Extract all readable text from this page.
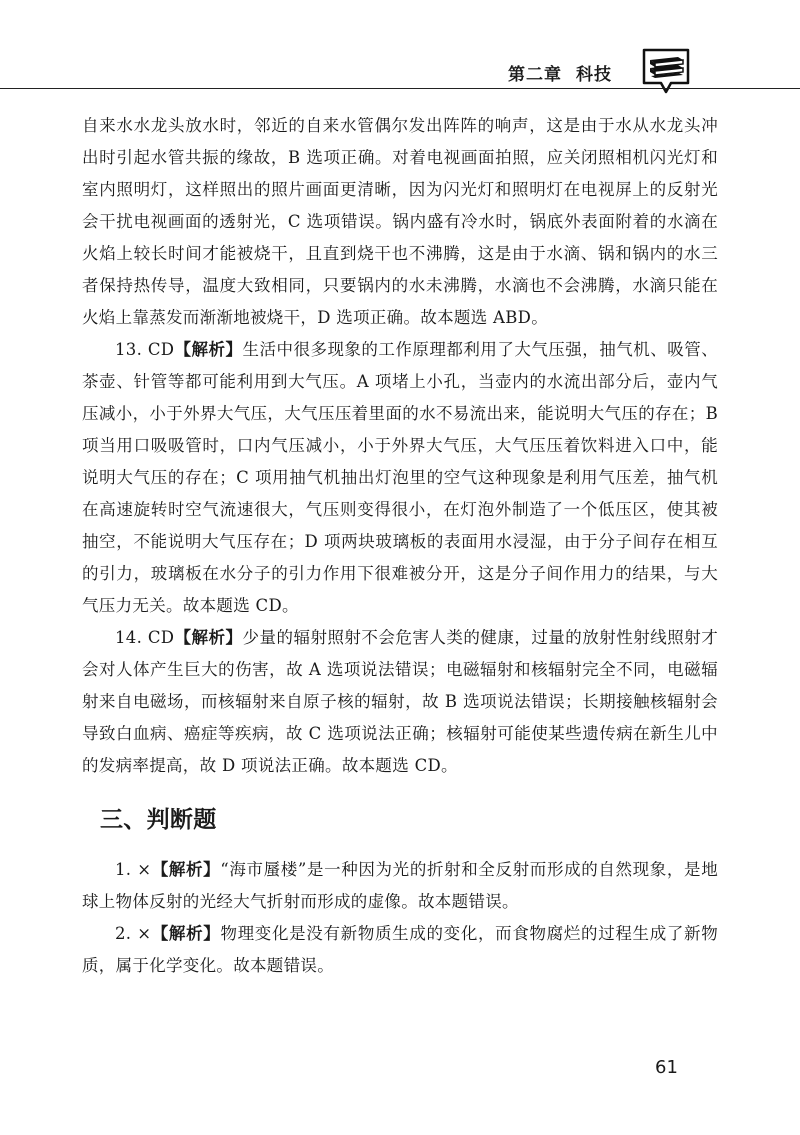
第二章 科技

自来水水龙头放水时，邻近的自来水管偶尔发出阵阵的响声，这是由于水从水龙头冲出时引起水管共振的缘故，B 选项正确。对着电视画面拍照，应关闭照相机闪光灯和室内照明灯，这样照出的照片画面更清晰，因为闪光灯和照明灯在电视屏上的反射光会干扰电视画面的透射光，C 选项错误。锅内盛有冷水时，锅底外表面附着的水滴在火焰上较长时间才能被烧干，且直到烧干也不沸腾，这是由于水滴、锅和锅内的水三者保持热传导，温度大致相同，只要锅内的水未沸腾，水滴也不会沸腾，水滴只能在火焰上靠蒸发而渐渐地被烧干，D 选项正确。故本题选 ABD。

13. CD【解析】生活中很多现象的工作原理都利用了大气压强，抽气机、吸管、茶壶、针管等都可能利用到大气压。A 项堵上小孔，当壶内的水流出部分后，壶内气压减小，小于外界大气压，大气压压着里面的水不易流出来，能说明大气压的存在；B 项当用口吸吸管时，口内气压减小，小于外界大气压，大气压压着饮料进入口中，能说明大气压的存在；C 项用抽气机抽出灯泡里的空气这种现象是利用气压差，抽气机在高速旋转时空气流速很大，气压则变得很小，在灯泡外制造了一个低压区，使其被抽空，不能说明大气压存在；D 项两块玻璃板的表面用水浸湿，由于分子间存在相互的引力，玻璃板在水分子的引力作用下很难被分开，这是分子间作用力的结果，与大气压力无关。故本题选 CD。

14. CD【解析】少量的辐射照射不会危害人类的健康，过量的放射性射线照射才会对人体产生巨大的伤害，故 A 选项说法错误；电磁辐射和核辐射完全不同，电磁辐射来自电磁场，而核辐射来自原子核的辐射，故 B 选项说法错误；长期接触核辐射会导致白血病、癌症等疾病，故 C 选项说法正确；核辐射可能使某些遗传病在新生儿中的发病率提高，故 D 项说法正确。故本题选 CD。

三、判断题

1. ×【解析】“海市蜃楼”是一种因为光的折射和全反射而形成的自然现象，是地球上物体反射的光经大气折射而形成的虚像。故本题错误。

2. ×【解析】物理变化是没有新物质生成的变化，而食物腐烂的过程生成了新物质，属于化学变化。故本题错误。

61
